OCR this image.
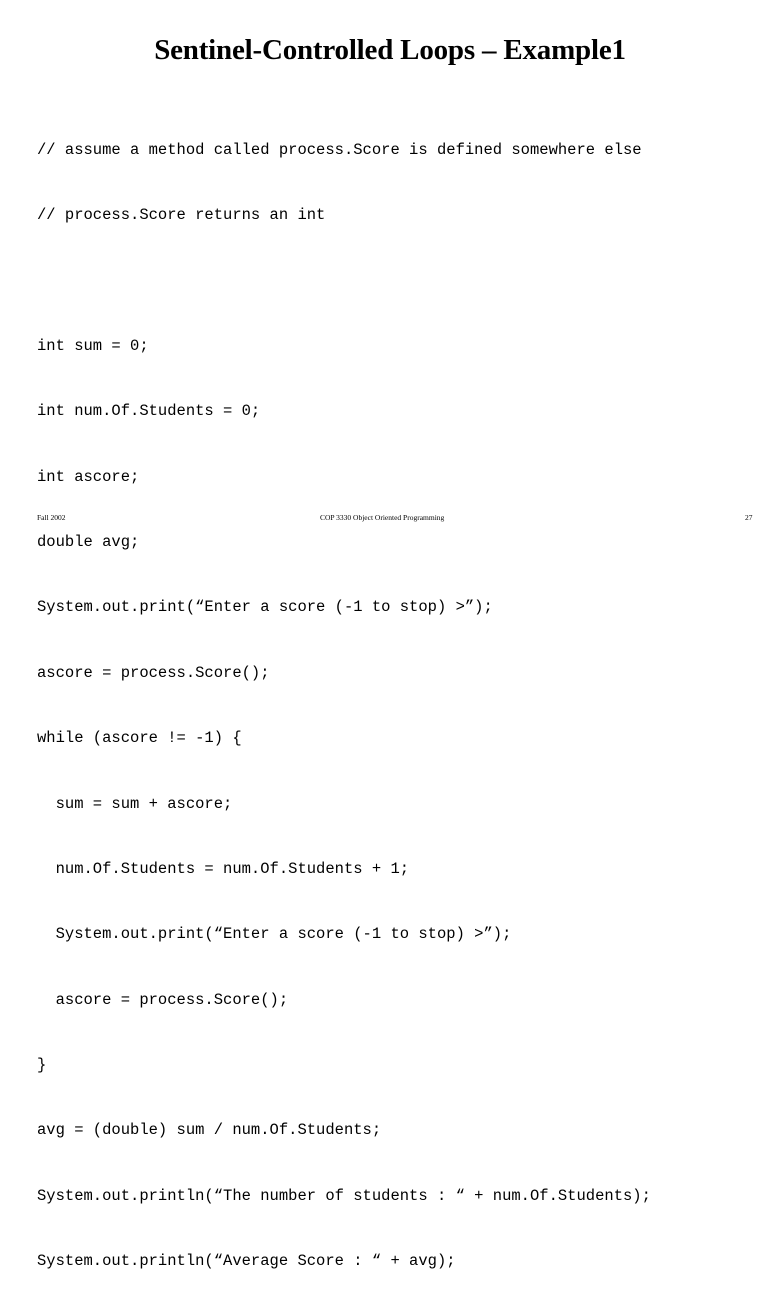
Sentinel-Controlled Loops – Example1

// assume a method called process.Score is defined somewhere else

// process.Score returns an int

int sum = 0;

int num.Of.Students = 0;

int ascore;

double avg;

System.out.print(“Enter a score (-1 to stop) >”);

ascore = process.Score();

while (ascore != -1) {

sum = sum + ascore;

num.Of.Students = num.Of.Students + 1;

System.out.print(“Enter a score (-1 to stop) >”);

ascore = process.Score();

}

avg = (double) sum / num.Of.Students;

System.out.println(“The number of students : “ + num.Of.Students);

System.out.println(“Average Score : “ + avg);

Fall 2002	COP 3330 Object Oriented Programming	27
